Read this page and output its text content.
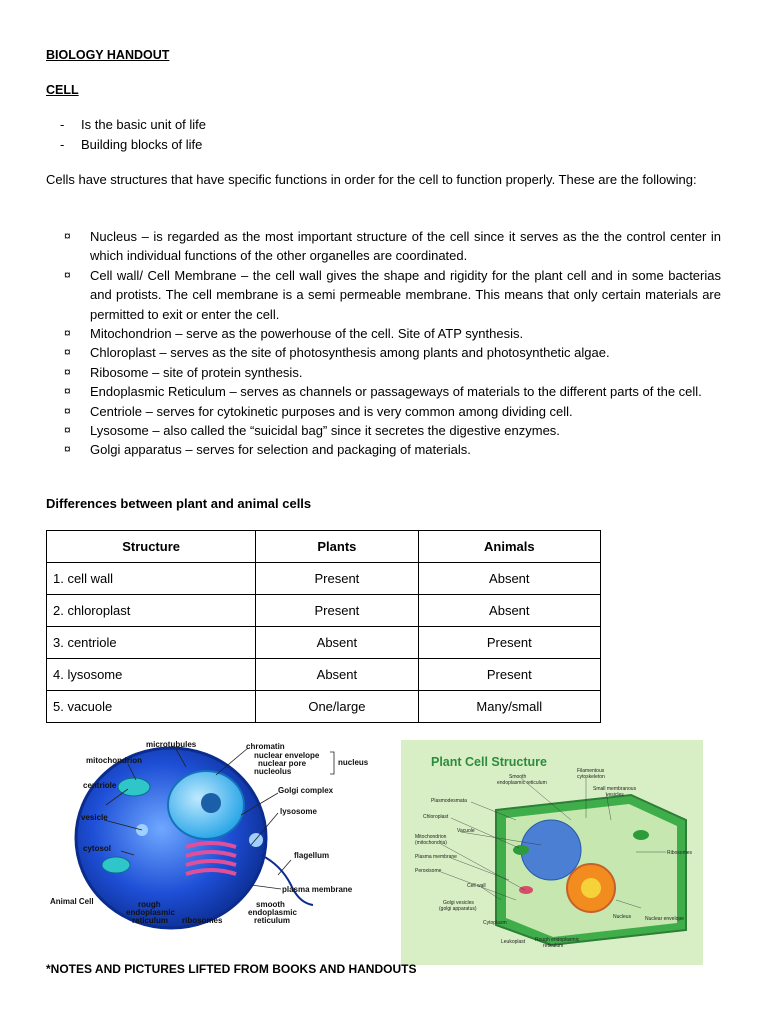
BIOLOGY HANDOUT
CELL
- Is the basic unit of life
- Building blocks of life

Cells have structures that have specific functions in order for the cell to function properly. These are the following:

¤ Nucleus – is regarded as the most important structure of the cell since it serves as the the control center in which individual functions of the other organelles are coordinated.
¤ Cell wall/ Cell Membrane – the cell wall gives the shape and rigidity for the plant cell and in some bacterias and protists. The cell membrane is a semi permeable membrane. This means that only certain materials are permitted to exit or enter the cell.
¤ Mitochondrion – serve as the powerhouse of the cell. Site of ATP synthesis.
¤ Chloroplast – serves as the site of photosynthesis among plants and photosynthetic algae.
¤ Ribosome – site of protein synthesis.
¤ Endoplasmic Reticulum – serves as channels or passageways of materials to the different parts of the cell.
¤ Centriole – serves for cytokinetic purposes and is very common among dividing cell.
¤ Lysosome – also called the “suicidal bag” since it secretes the digestive enzymes.
¤ Golgi apparatus – serves for selection and packaging of materials.
Differences between plant and animal cells
Structure	Plants	Animals
1. cell wall	Present	Absent
2. chloroplast	Present	Absent
3. centriole	Absent	Present
4. lysosome	Absent	Present
5. vacuole	One/large	Many/small
microtubules	chromatin
nuclear envelope
nuclear pore
nucleolus
nucleus
mitochondrion
Golgi complex
centriole
lysosome
vesicle
cytosol
flagellum
plasma membrane
Animal Cell	rough
endoplasmic
reticulum ribosomes
smooth
endoplasmic
reticulum
Plant Cell Structure
Smooth
endoplasmic reticulum
Filamentous
cytoskeleton
Small membranous
vesicles
Plasmodesmata
Chloroplast
Vacuole
Mitochondrion
(mitochondria)
Plasma membrane
Peroxisome
Cell wall
Golgi vesicles
(golgi apparatus)
Cytoplasm
Leukoplast Rough endoplasmic
reticulum
Nucleus	Nuclear envelope
Ribosomes
*NOTES AND PICTURES LIFTED FROM BOOKS AND HANDOUTS
